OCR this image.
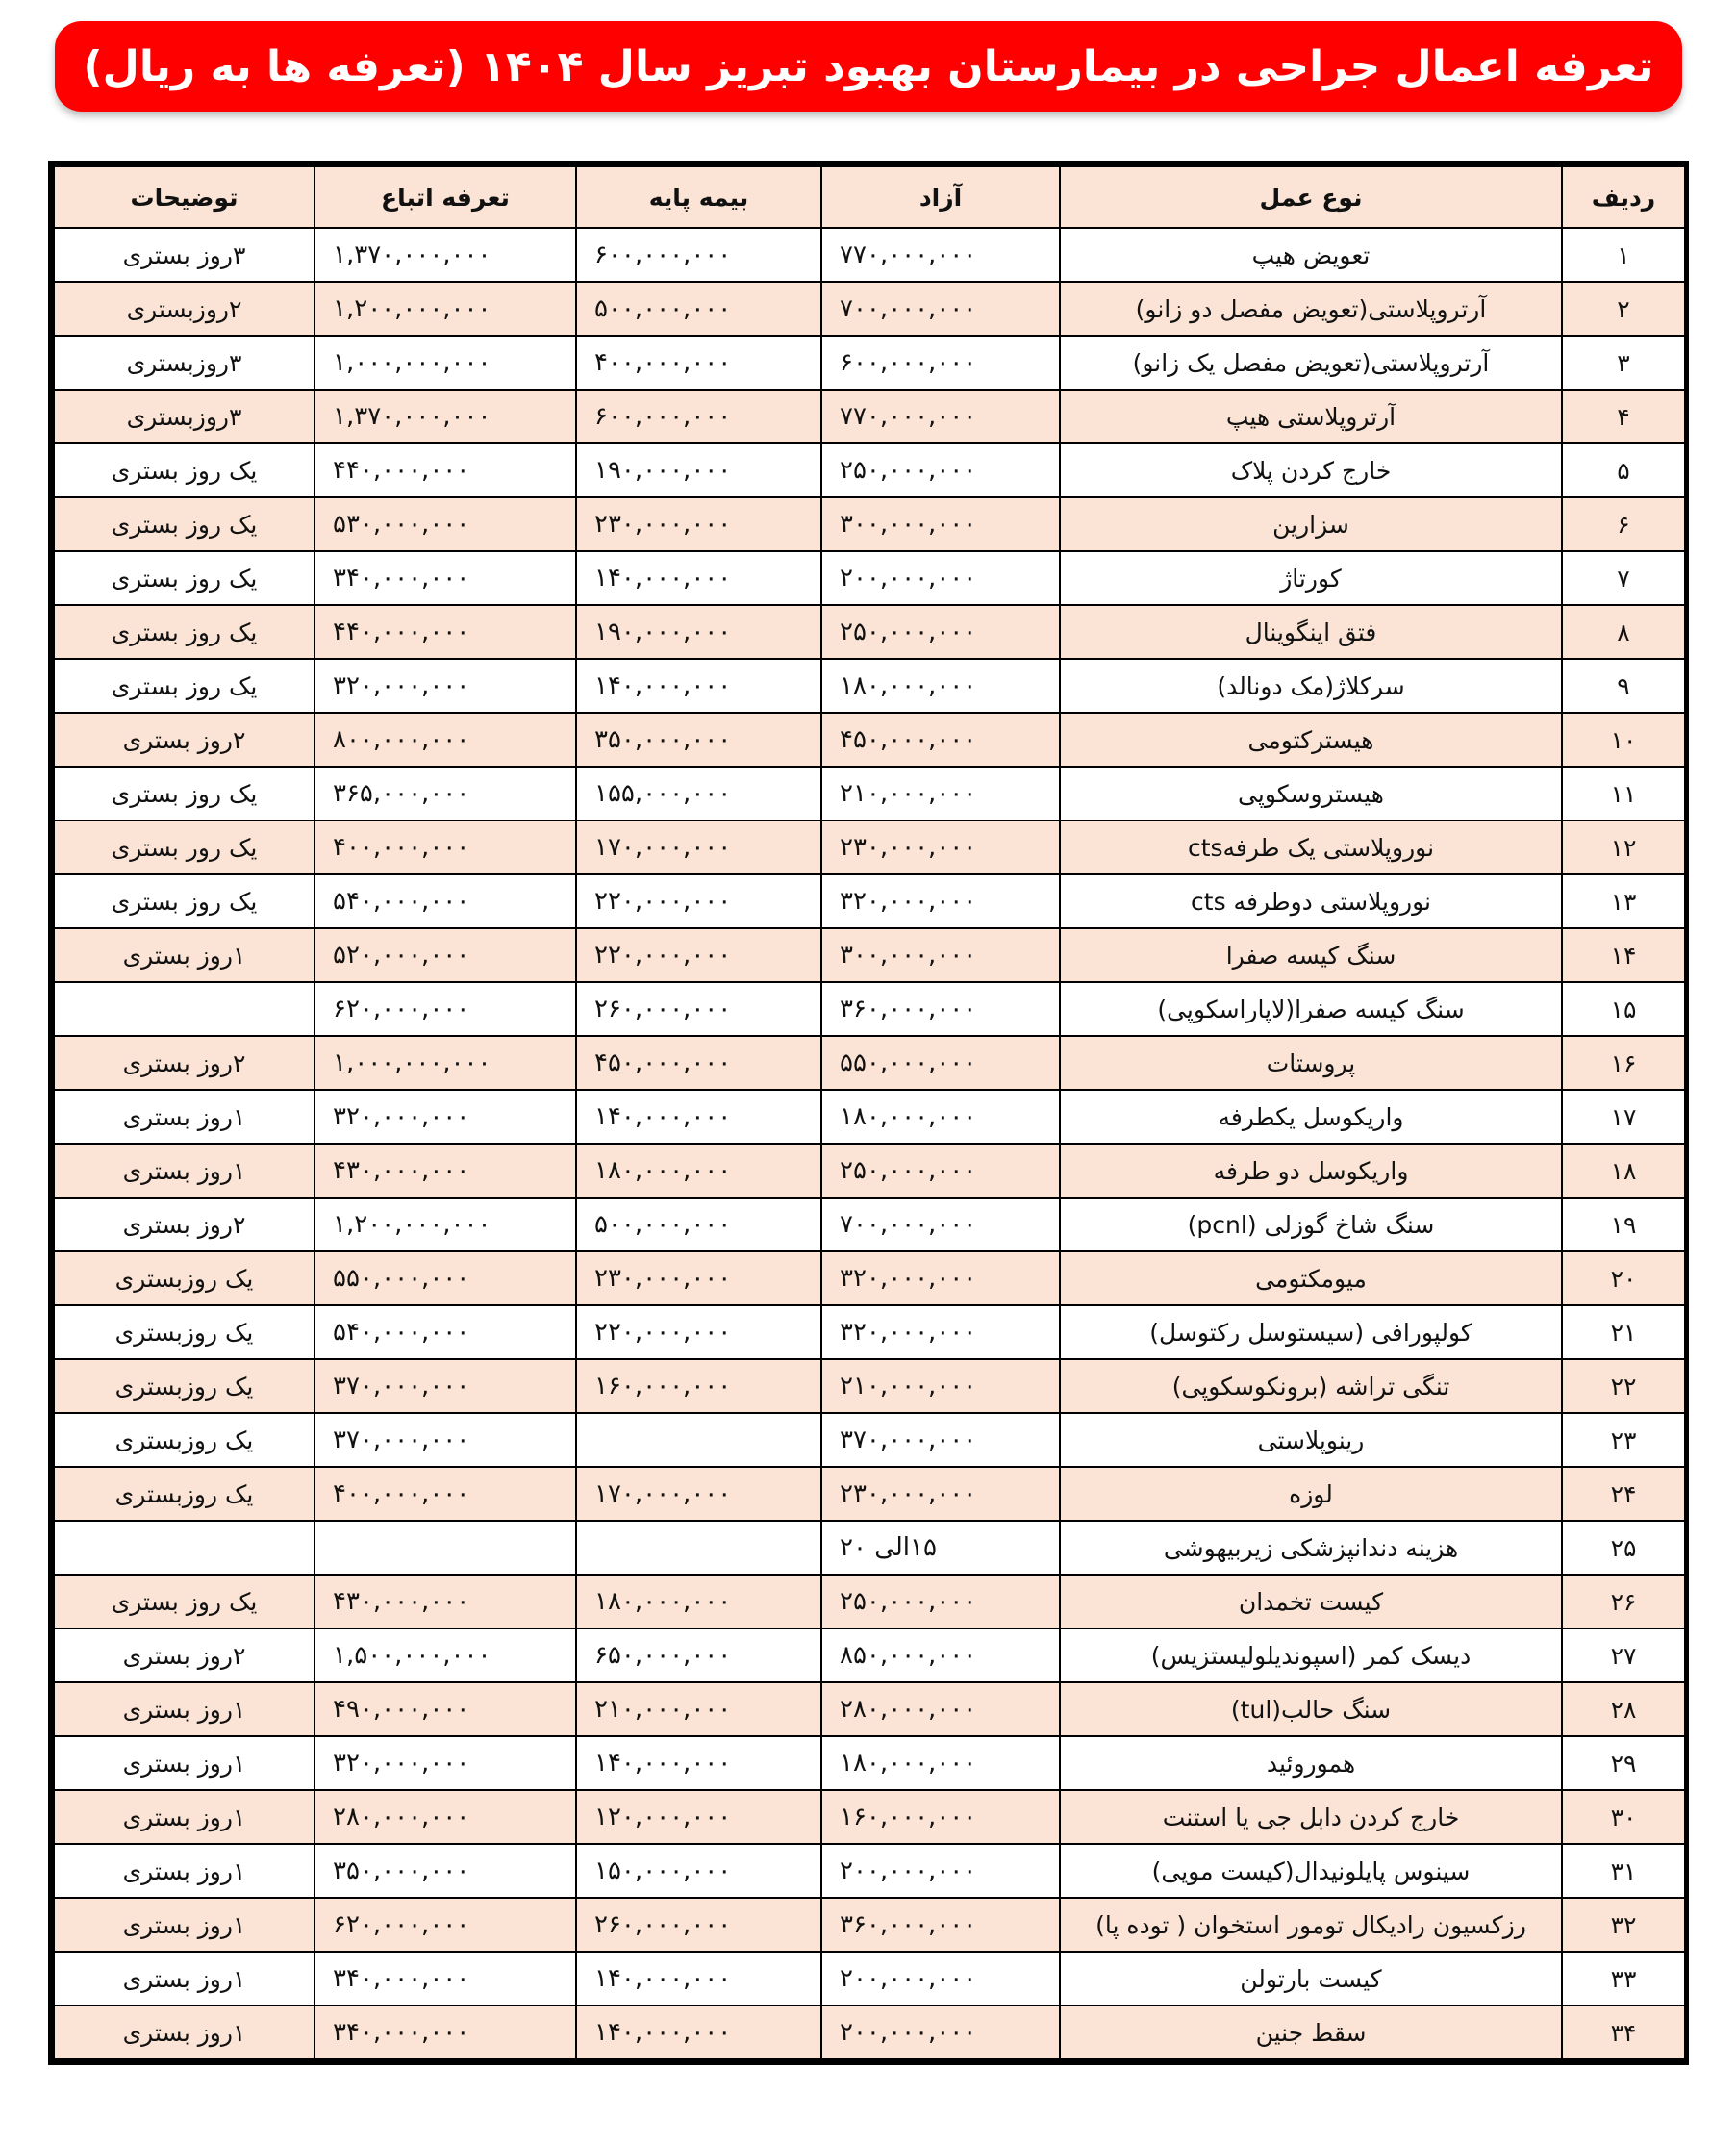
تعرفه اعمال جراحی در بیمارستان بهبود تبریز سال ۱۴۰۴ (تعرفه ها به ریال)
ردیف	نوع عمل	آزاد	بیمه پایه	تعرفه اتباع	توضیحات
۱	تعویض هیپ	۷۷۰,۰۰۰,۰۰۰	۶۰۰,۰۰۰,۰۰۰	۱,۳۷۰,۰۰۰,۰۰۰	۳روز بستری
۲	آرتروپلاستی(تعویض مفصل دو زانو)	۷۰۰,۰۰۰,۰۰۰	۵۰۰,۰۰۰,۰۰۰	۱,۲۰۰,۰۰۰,۰۰۰	۲روزبستری
۳	آرتروپلاستی(تعویض مفصل یک زانو)	۶۰۰,۰۰۰,۰۰۰	۴۰۰,۰۰۰,۰۰۰	۱,۰۰۰,۰۰۰,۰۰۰	۳روزبستری
۴	آرتروپلاستی هیپ	۷۷۰,۰۰۰,۰۰۰	۶۰۰,۰۰۰,۰۰۰	۱,۳۷۰,۰۰۰,۰۰۰	۳روزبستری
۵	خارج کردن پلاک	۲۵۰,۰۰۰,۰۰۰	۱۹۰,۰۰۰,۰۰۰	۴۴۰,۰۰۰,۰۰۰	یک روز بستری
۶	سزارین	۳۰۰,۰۰۰,۰۰۰	۲۳۰,۰۰۰,۰۰۰	۵۳۰,۰۰۰,۰۰۰	یک روز بستری
۷	کورتاژ	۲۰۰,۰۰۰,۰۰۰	۱۴۰,۰۰۰,۰۰۰	۳۴۰,۰۰۰,۰۰۰	یک روز بستری
۸	فتق اینگوینال	۲۵۰,۰۰۰,۰۰۰	۱۹۰,۰۰۰,۰۰۰	۴۴۰,۰۰۰,۰۰۰	یک روز بستری
۹	سرکلاژ(مک دونالد)	۱۸۰,۰۰۰,۰۰۰	۱۴۰,۰۰۰,۰۰۰	۳۲۰,۰۰۰,۰۰۰	یک روز بستری
۱۰	هیسترکتومی	۴۵۰,۰۰۰,۰۰۰	۳۵۰,۰۰۰,۰۰۰	۸۰۰,۰۰۰,۰۰۰	۲روز بستری
۱۱	هیستروسکوپی	۲۱۰,۰۰۰,۰۰۰	۱۵۵,۰۰۰,۰۰۰	۳۶۵,۰۰۰,۰۰۰	یک روز بستری
۱۲	نوروپلاستی یک طرفهcts	۲۳۰,۰۰۰,۰۰۰	۱۷۰,۰۰۰,۰۰۰	۴۰۰,۰۰۰,۰۰۰	یک رور بستری
۱۳	نوروپلاستی دوطرفه cts	۳۲۰,۰۰۰,۰۰۰	۲۲۰,۰۰۰,۰۰۰	۵۴۰,۰۰۰,۰۰۰	یک روز بستری
۱۴	سنگ کیسه صفرا	۳۰۰,۰۰۰,۰۰۰	۲۲۰,۰۰۰,۰۰۰	۵۲۰,۰۰۰,۰۰۰	۱روز بستری
۱۵	سنگ کیسه صفرا(لاپاراسکوپی)	۳۶۰,۰۰۰,۰۰۰	۲۶۰,۰۰۰,۰۰۰	۶۲۰,۰۰۰,۰۰۰	
۱۶	پروستات	۵۵۰,۰۰۰,۰۰۰	۴۵۰,۰۰۰,۰۰۰	۱,۰۰۰,۰۰۰,۰۰۰	۲روز بستری
۱۷	واریکوسل یکطرفه	۱۸۰,۰۰۰,۰۰۰	۱۴۰,۰۰۰,۰۰۰	۳۲۰,۰۰۰,۰۰۰	۱روز بستری
۱۸	واریکوسل دو طرفه	۲۵۰,۰۰۰,۰۰۰	۱۸۰,۰۰۰,۰۰۰	۴۳۰,۰۰۰,۰۰۰	۱روز بستری
۱۹	سنگ شاخ گوزلی (pcnl)	۷۰۰,۰۰۰,۰۰۰	۵۰۰,۰۰۰,۰۰۰	۱,۲۰۰,۰۰۰,۰۰۰	۲روز بستری
۲۰	میومکتومی	۳۲۰,۰۰۰,۰۰۰	۲۳۰,۰۰۰,۰۰۰	۵۵۰,۰۰۰,۰۰۰	یک روزبستری
۲۱	کولپورافی (سیستوسل رکتوسل)	۳۲۰,۰۰۰,۰۰۰	۲۲۰,۰۰۰,۰۰۰	۵۴۰,۰۰۰,۰۰۰	یک روزبستری
۲۲	تنگی تراشه (برونکوسکوپی)	۲۱۰,۰۰۰,۰۰۰	۱۶۰,۰۰۰,۰۰۰	۳۷۰,۰۰۰,۰۰۰	یک روزبستری
۲۳	رینوپلاستی	۳۷۰,۰۰۰,۰۰۰		۳۷۰,۰۰۰,۰۰۰	یک روزبستری
۲۴	لوزه	۲۳۰,۰۰۰,۰۰۰	۱۷۰,۰۰۰,۰۰۰	۴۰۰,۰۰۰,۰۰۰	یک روزبستری
۲۵	هزینه دندانپزشکی زیربیهوشی	۱۵الی ۲۰			
۲۶	کیست تخمدان	۲۵۰,۰۰۰,۰۰۰	۱۸۰,۰۰۰,۰۰۰	۴۳۰,۰۰۰,۰۰۰	یک روز بستری
۲۷	دیسک کمر (اسپوندیلولیستزیس)	۸۵۰,۰۰۰,۰۰۰	۶۵۰,۰۰۰,۰۰۰	۱,۵۰۰,۰۰۰,۰۰۰	۲روز بستری
۲۸	سنگ حالب(tul)	۲۸۰,۰۰۰,۰۰۰	۲۱۰,۰۰۰,۰۰۰	۴۹۰,۰۰۰,۰۰۰	۱روز بستری
۲۹	هموروئید	۱۸۰,۰۰۰,۰۰۰	۱۴۰,۰۰۰,۰۰۰	۳۲۰,۰۰۰,۰۰۰	۱روز بستری
۳۰	خارج کردن دابل جی یا استنت	۱۶۰,۰۰۰,۰۰۰	۱۲۰,۰۰۰,۰۰۰	۲۸۰,۰۰۰,۰۰۰	۱روز بستری
۳۱	سینوس پایلونیدال(کیست مویی)	۲۰۰,۰۰۰,۰۰۰	۱۵۰,۰۰۰,۰۰۰	۳۵۰,۰۰۰,۰۰۰	۱روز بستری
۳۲	رزکسیون رادیکال تومور استخوان ( توده پا)	۳۶۰,۰۰۰,۰۰۰	۲۶۰,۰۰۰,۰۰۰	۶۲۰,۰۰۰,۰۰۰	۱روز بستری
۳۳	کیست بارتولن	۲۰۰,۰۰۰,۰۰۰	۱۴۰,۰۰۰,۰۰۰	۳۴۰,۰۰۰,۰۰۰	۱روز بستری
۳۴	سقط جنین	۲۰۰,۰۰۰,۰۰۰	۱۴۰,۰۰۰,۰۰۰	۳۴۰,۰۰۰,۰۰۰	۱روز بستری
